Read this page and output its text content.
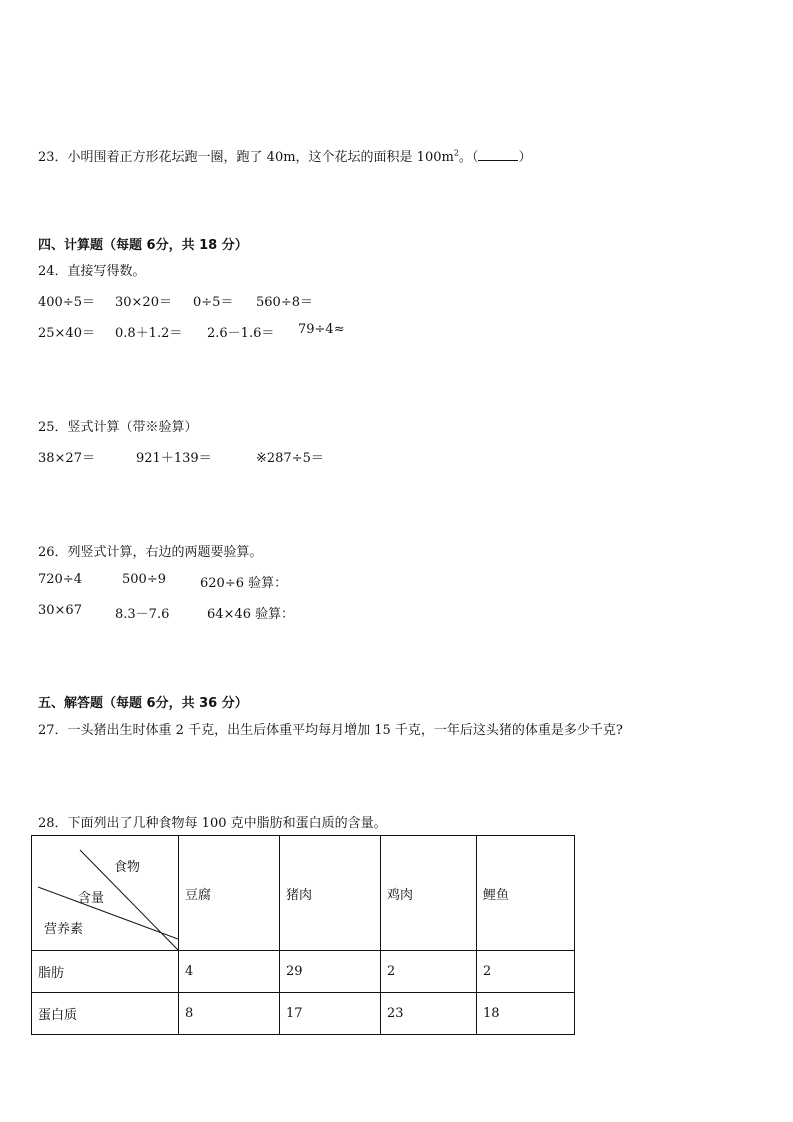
23．小明围着正方形花坛跑一圈，跑了 40m，这个花坛的面积是 $100m^2$。（	）
四、计算题（每题 6分，共 18 分）
24．直接写得数。
400÷5＝ 30×20＝ 0÷5＝ 560÷8＝
25×40＝ 0.8＋1.2＝ 2.6－1.6＝ 79÷4≈
25．竖式计算（带※验算）
38×27＝	921＋139＝	※287÷5＝
26．列竖式计算，右边的两题要验算。
720÷4	500÷9	620÷6 验算：
30×67	8.3－7.6	64×46 验算：
五、解答题（每题 6分，共 36 分）
27．一头猪出生时体重 2 千克，出生后体重平均每月增加 15 千克，一年后这头猪的体重是多少千克?
28．下面列出了几种食物每 100 克中脂肪和蛋白质的含量。
食物
含量
营养素	豆腐	猪肉	鸡肉	鲤鱼
脂肪	4	29	2	2
蛋白质	8	17	23	18
